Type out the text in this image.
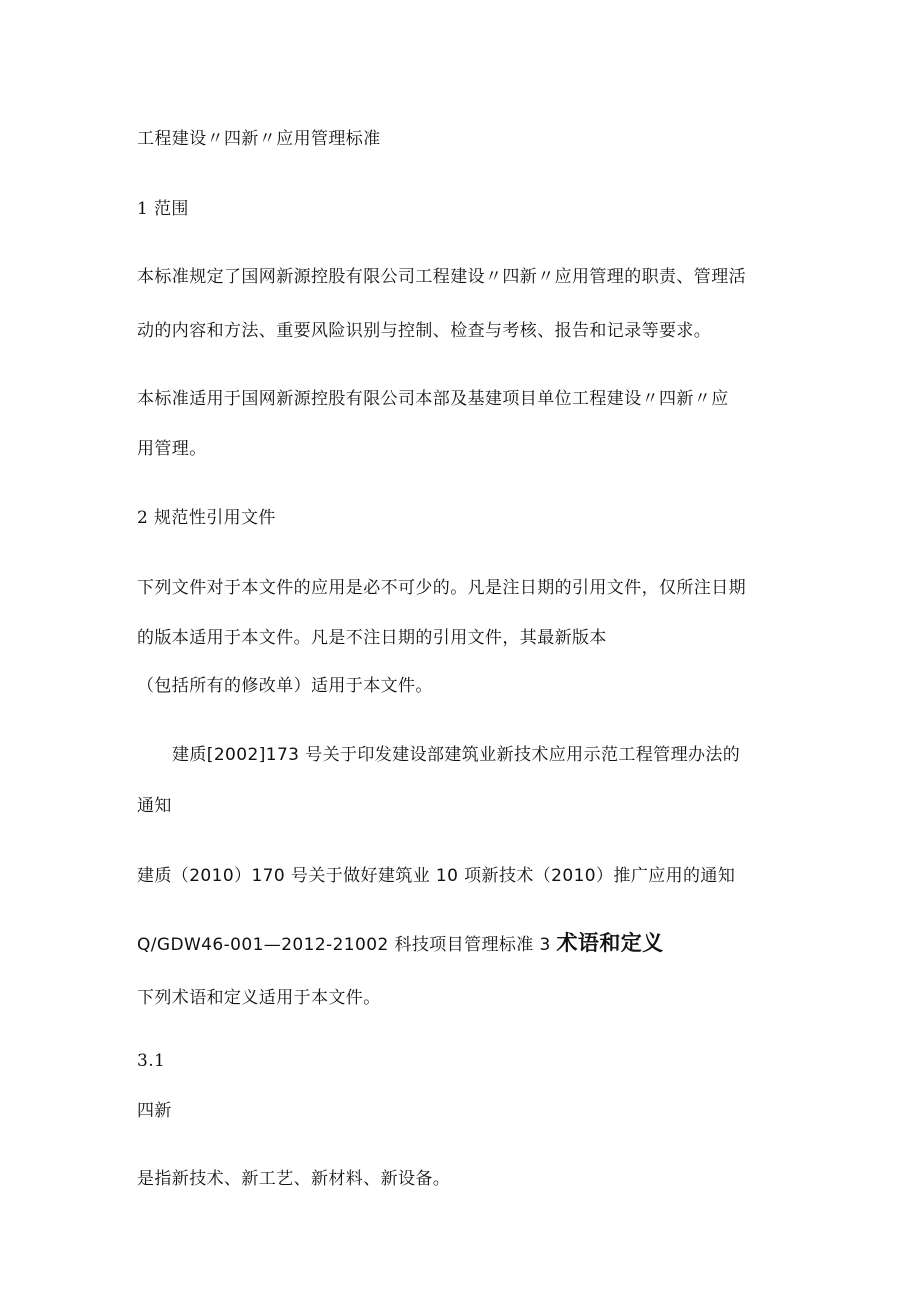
工程建设〃四新〃应用管理标准
1 范围
本标准规定了国网新源控股有限公司工程建设〃四新〃应用管理的职责、管理活
动的内容和方法、重要风险识别与控制、检查与考核、报告和记录等要求。
本标准适用于国网新源控股有限公司本部及基建项目单位工程建设〃四新〃应
用管理。
2 规范性引用文件
下列文件对于本文件的应用是必不可少的。凡是注日期的引用文件，仅所注日期
的版本适用于本文件。凡是不注日期的引用文件，其最新版本
（包括所有的修改单）适用于本文件。
建质[2002]173 号关于印发建设部建筑业新技术应用示范工程管理办法的
通知
建质（2010）170 号关于做好建筑业 10 项新技术（2010）推广应用的通知
Q/GDW46-001—2012-21002 科技项目管理标准 3 术语和定义
下列术语和定义适用于本文件。
3.1
四新
是指新技术、新工艺、新材料、新设备。
